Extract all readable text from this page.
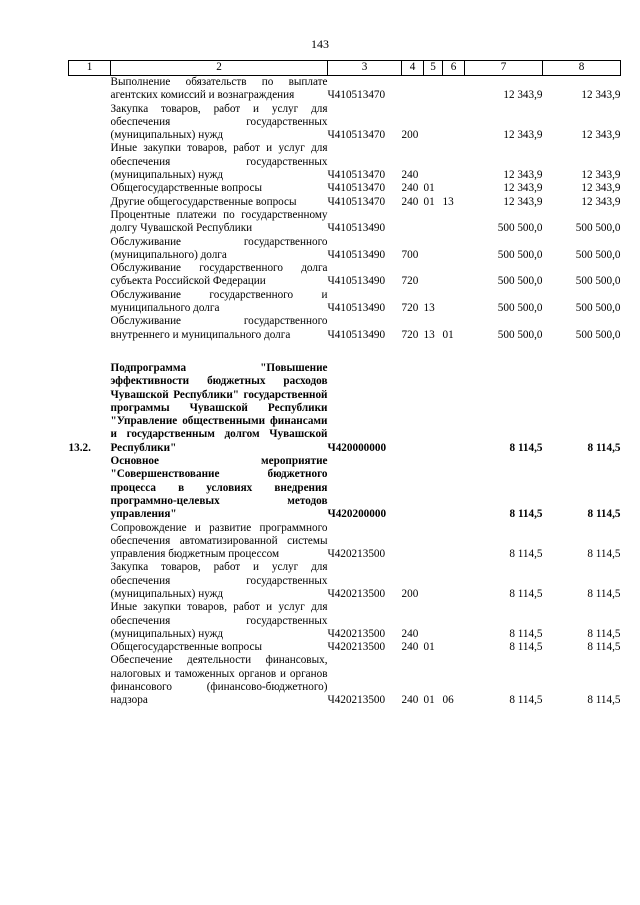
143
1	2	3	4	5	6	7	8
	Выполнение обязательств по выплате агентских комиссий и вознаграждения	Ч410513470				12 343,9	12 343,9
	Закупка товаров, работ и услуг для обеспечения государственных (муниципальных) нужд	Ч410513470	200			12 343,9	12 343,9
	Иные закупки товаров, работ и услуг для обеспечения государственных (муниципальных) нужд	Ч410513470	240			12 343,9	12 343,9
	Общегосударственные вопросы	Ч410513470	240	01		12 343,9	12 343,9
	Другие общегосударственные вопросы	Ч410513470	240	01	13	12 343,9	12 343,9
	Процентные платежи по государственному долгу Чувашской Республики	Ч410513490				500 500,0	500 500,0
	Обслуживание государственного (муниципального) долга	Ч410513490	700			500 500,0	500 500,0
	Обслуживание государственного долга субъекта Российской Федерации	Ч410513490	720			500 500,0	500 500,0
	Обслуживание государственного и муниципального долга	Ч410513490	720	13		500 500,0	500 500,0
	Обслуживание государственного внутреннего и муниципального долга	Ч410513490	720	13	01	500 500,0	500 500,0

13.2.	Подпрограмма "Повышение эффективности бюджетных расходов Чувашской Республики" государственной программы Чувашской Республики "Управление общественными финансами и государственным долгом Чувашской Республики"	Ч420000000				8 114,5	8 114,5
	Основное мероприятие "Совершенствование бюджетного процесса в условиях внедрения программно-целевых методов управления"	Ч420200000				8 114,5	8 114,5
	Сопровождение и развитие программного обеспечения автоматизированной системы управления бюджетным процессом	Ч420213500				8 114,5	8 114,5
	Закупка товаров, работ и услуг для обеспечения государственных (муниципальных) нужд	Ч420213500	200			8 114,5	8 114,5
	Иные закупки товаров, работ и услуг для обеспечения государственных (муниципальных) нужд	Ч420213500	240			8 114,5	8 114,5
	Общегосударственные вопросы	Ч420213500	240	01		8 114,5	8 114,5
	Обеспечение деятельности финансовых, налоговых и таможенных органов и органов финансового (финансово-бюджетного) надзора	Ч420213500	240	01	06	8 114,5	8 114,5
